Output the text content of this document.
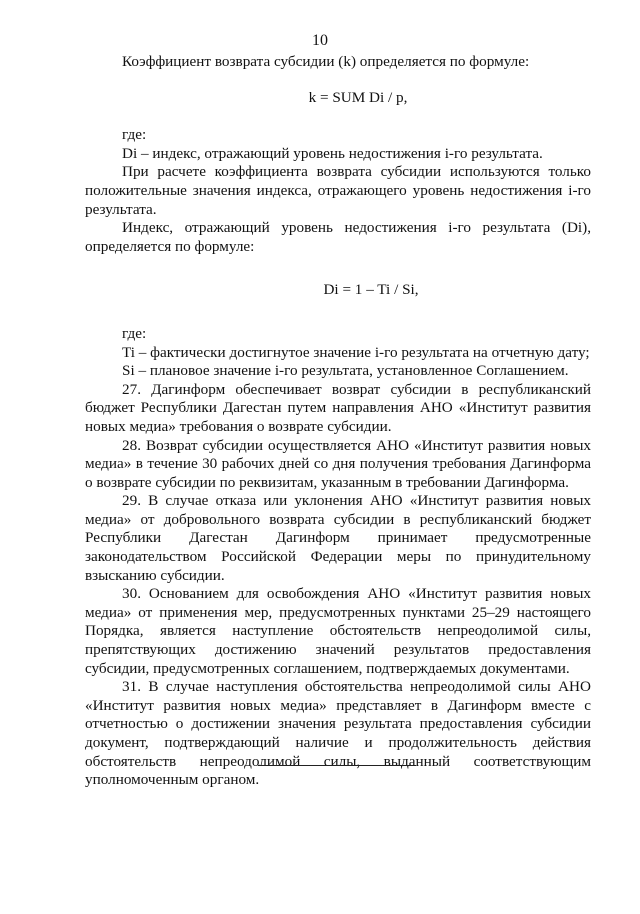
10

Коэффициент возврата субсидии (k) определяется по формуле:

k = SUM Di / p,

где:

Di – индекс, отражающий уровень недостижения i-го результата.

При расчете коэффициента возврата субсидии используются только положительные значения индекса, отражающего уровень недостижения i-го результата.

Индекс, отражающий уровень недостижения i-го результата (Di), определяется по формуле:

Di = 1 – Ti / Si,

где:

Ti – фактически достигнутое значение i-го результата на отчетную дату;

Si – плановое значение i-го результата, установленное Соглашением.

27. Дагинформ обеспечивает возврат субсидии в республиканский бюджет Республики Дагестан путем направления АНО «Институт развития новых медиа» требования о возврате субсидии.

28. Возврат субсидии осуществляется АНО «Институт развития новых медиа» в течение 30 рабочих дней со дня получения требования Дагинформа о возврате субсидии по реквизитам, указанным в требовании Дагинформа.

29. В случае отказа или уклонения АНО «Институт развития новых медиа» от добровольного возврата субсидии в республиканский бюджет Республики Дагестан Дагинформ принимает предусмотренные законодательством Российской Федерации меры по принудительному взысканию субсидии.

30. Основанием для освобождения АНО «Институт развития новых медиа» от применения мер, предусмотренных пунктами 25–29 настоящего Порядка, является наступление обстоятельств непреодолимой силы, препятствующих достижению значений результатов предоставления субсидии, предусмотренных соглашением, подтверждаемых документами.

31. В случае наступления обстоятельства непреодолимой силы АНО «Институт развития новых медиа» представляет в Дагинформ вместе с отчетностью о достижении значения результата предоставления субсидии документ, подтверждающий наличие и продолжительность действия обстоятельств непреодолимой силы, выданный соответствующим уполномоченным органом.
